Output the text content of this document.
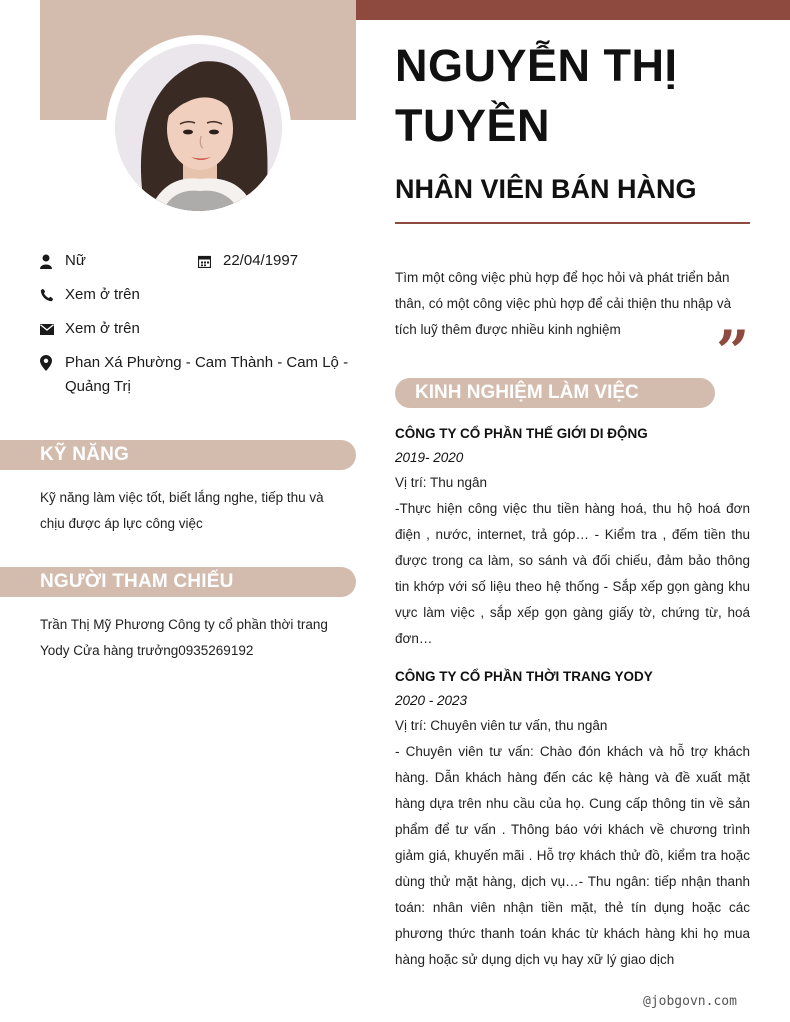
Nữ	22/04/1997
Xem ở trên
Xem ở trên
Phan Xá Phường - Cam Thành - Cam Lộ - Quảng Trị
KỸ NĂNG
Kỹ năng làm việc tốt, biết lắng nghe, tiếp thu và chịu được áp lực công việc
NGƯỜI THAM CHIẾU
Trần Thị Mỹ Phương Công ty cổ phần thời trang Yody Cửa hàng trưởng0935269192
NGUYỄN THỊ TUYỀN
NHÂN VIÊN BÁN HÀNG
Tìm một công việc phù hợp để học hỏi và phát triển bản thân, có một công việc phù hợp để cải thiện thu nhập và tích luỹ thêm được nhiều kinh nghiệm	”
KINH NGHIỆM LÀM VIỆC
CÔNG TY CỔ PHẦN THẾ GIỚI DI ĐỘNG
2019- 2020
Vị trí: Thu ngân
-Thực hiện công việc thu tiền hàng hoá, thu hộ hoá đơn điện , nước, internet, trả góp… - Kiểm tra , đếm tiền thu được trong ca làm, so sánh và đối chiếu, đảm bảo thông tin khớp với số liệu theo hệ thống - Sắp xếp gọn gàng khu vực làm việc , sắp xếp gọn gàng giấy tờ, chứng từ, hoá đơn…
CÔNG TY CỔ PHẦN THỜI TRANG YODY
2020 - 2023
Vị trí: Chuyên viên tư vấn, thu ngân
- Chuyên viên tư vấn: Chào đón khách và hỗ trợ khách hàng. Dẫn khách hàng đến các kệ hàng và đề xuất mặt hàng dựa trên nhu cầu của họ. Cung cấp thông tin về sản phẩm để tư vấn . Thông báo với khách về chương trình giảm giá, khuyến mãi . Hỗ trợ khách thử đồ, kiểm tra hoặc dùng thử mặt hàng, dịch vụ…- Thu ngân: tiếp nhận thanh toán: nhân viên nhận tiền mặt, thẻ tín dụng hoặc các phương thức thanh toán khác từ khách hàng khi họ mua hàng hoặc sử dụng dịch vụ hay xữ lý giao dịch
@jobgovn.com
